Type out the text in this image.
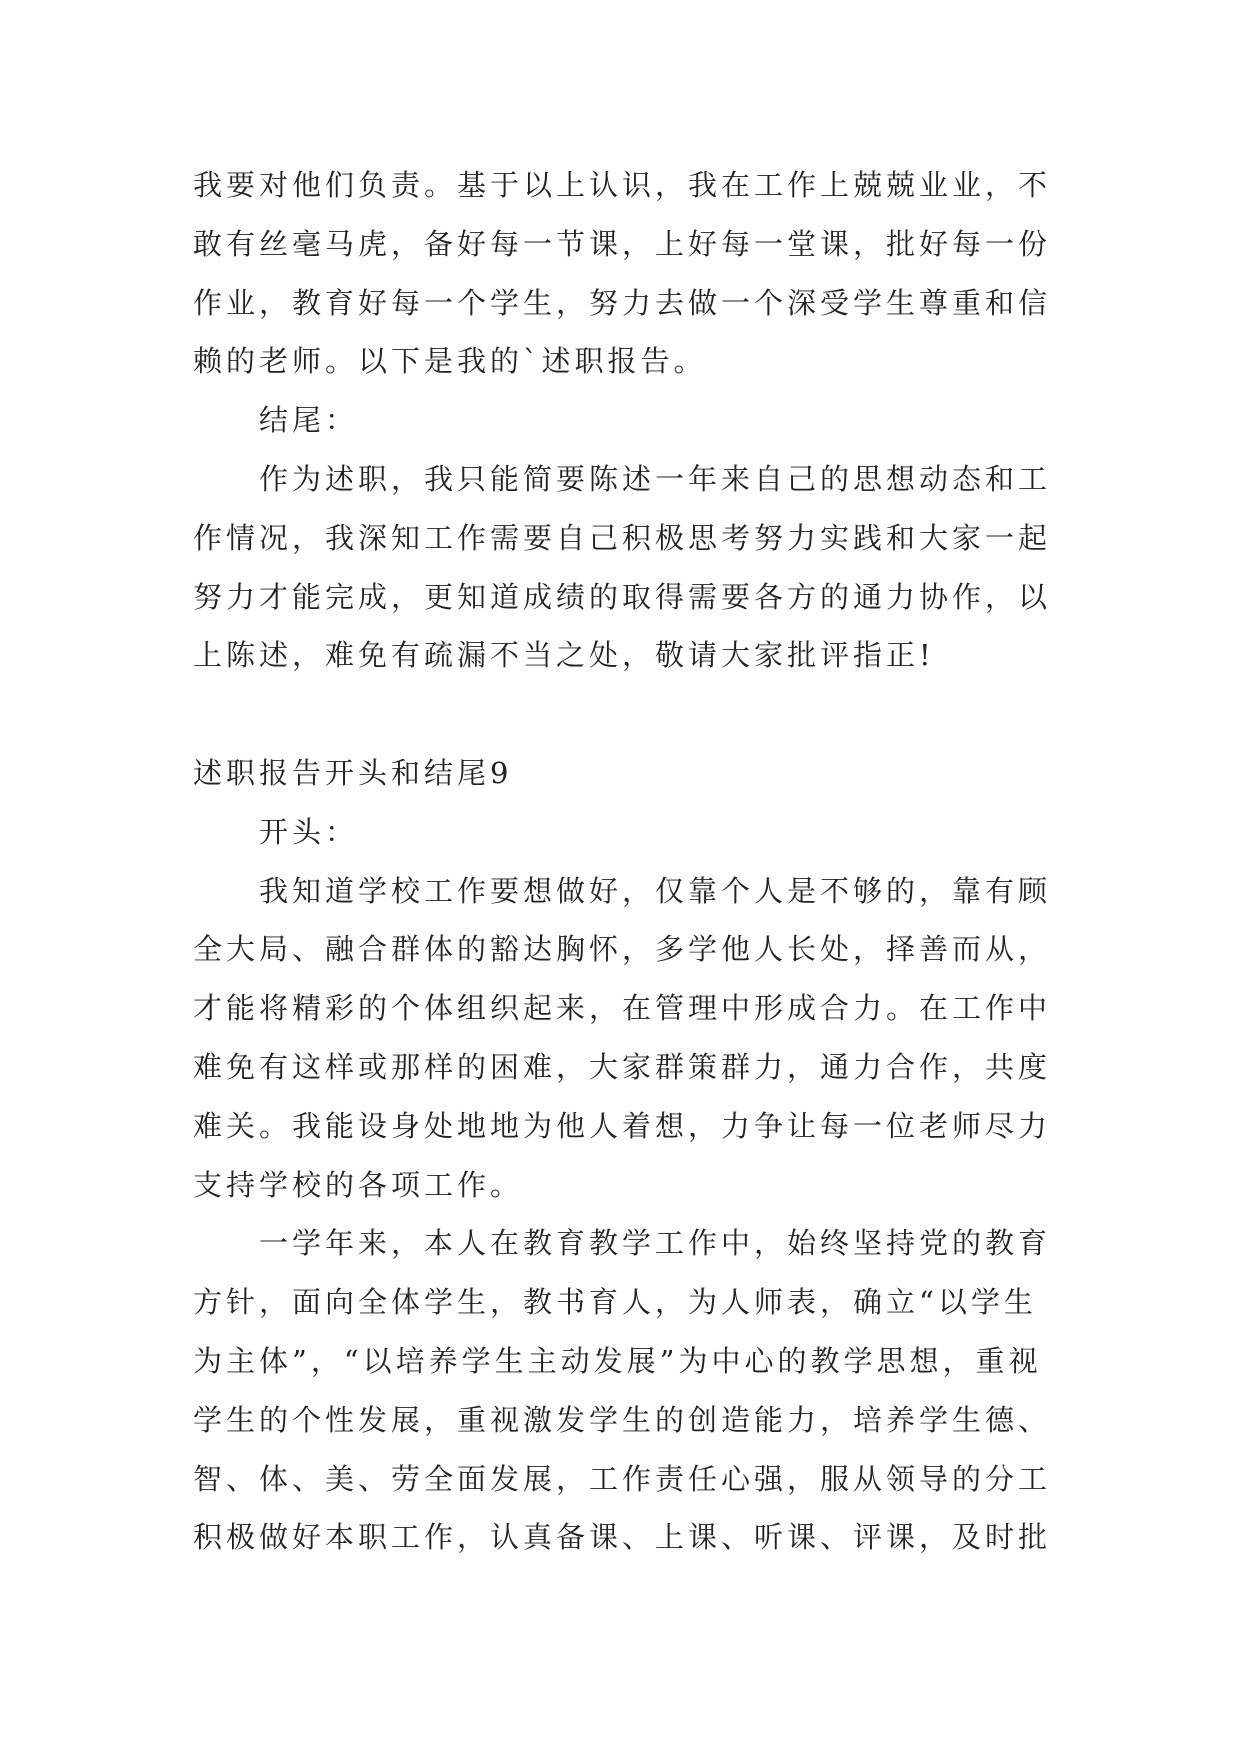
我要对他们负责。基于以上认识，我在工作上兢兢业业，不
敢有丝毫马虎，备好每一节课，上好每一堂课，批好每一份
作业，教育好每一个学生，努力去做一个深受学生尊重和信
赖的老师。以下是我的`述职报告。
结尾：
作为述职，我只能简要陈述一年来自己的思想动态和工
作情况，我深知工作需要自己积极思考努力实践和大家一起
努力才能完成，更知道成绩的取得需要各方的通力协作，以
上陈述，难免有疏漏不当之处，敬请大家批评指正!
述职报告开头和结尾9
开头：
我知道学校工作要想做好，仅靠个人是不够的，靠有顾
全大局、融合群体的豁达胸怀，多学他人长处，择善而从，
才能将精彩的个体组织起来，在管理中形成合力。在工作中
难免有这样或那样的困难，大家群策群力，通力合作，共度
难关。我能设身处地地为他人着想，力争让每一位老师尽力
支持学校的各项工作。
一学年来，本人在教育教学工作中，始终坚持党的教育
方针，面向全体学生，教书育人，为人师表，确立“以学生
为主体”，“以培养学生主动发展”为中心的教学思想，重视
学生的个性发展，重视激发学生的创造能力，培养学生德、
智、体、美、劳全面发展，工作责任心强，服从领导的分工
积极做好本职工作，认真备课、上课、听课、评课，及时批
